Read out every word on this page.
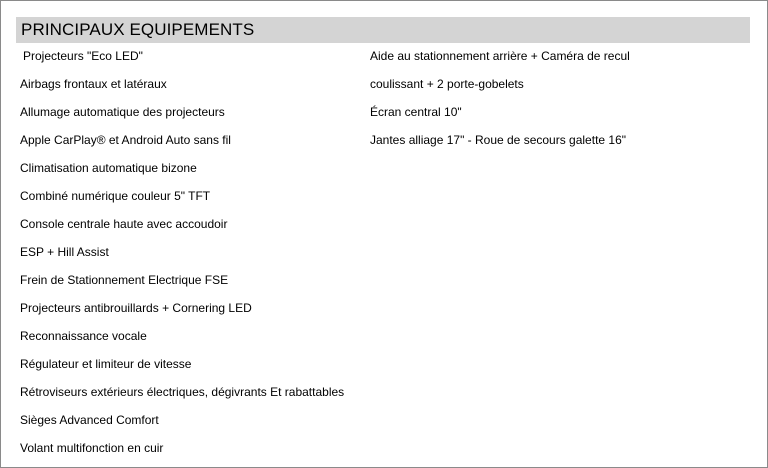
PRINCIPAUX EQUIPEMENTS
Projecteurs "Eco LED"
Airbags frontaux et latéraux
Allumage automatique des projecteurs
Apple CarPlay® et Android Auto sans fil
Climatisation automatique bizone
Combiné numérique couleur 5" TFT
Console centrale haute avec accoudoir
ESP + Hill Assist
Frein de Stationnement Electrique FSE
Projecteurs antibrouillards + Cornering LED
Reconnaissance vocale
Régulateur et limiteur de vitesse
Rétroviseurs extérieurs électriques, dégivrants Et rabattables
Sièges Advanced Comfort
Volant multifonction en cuir
Aide au stationnement arrière + Caméra de recul
coulissant + 2 porte-gobelets
Écran central 10"
Jantes alliage 17" - Roue de secours galette 16"
